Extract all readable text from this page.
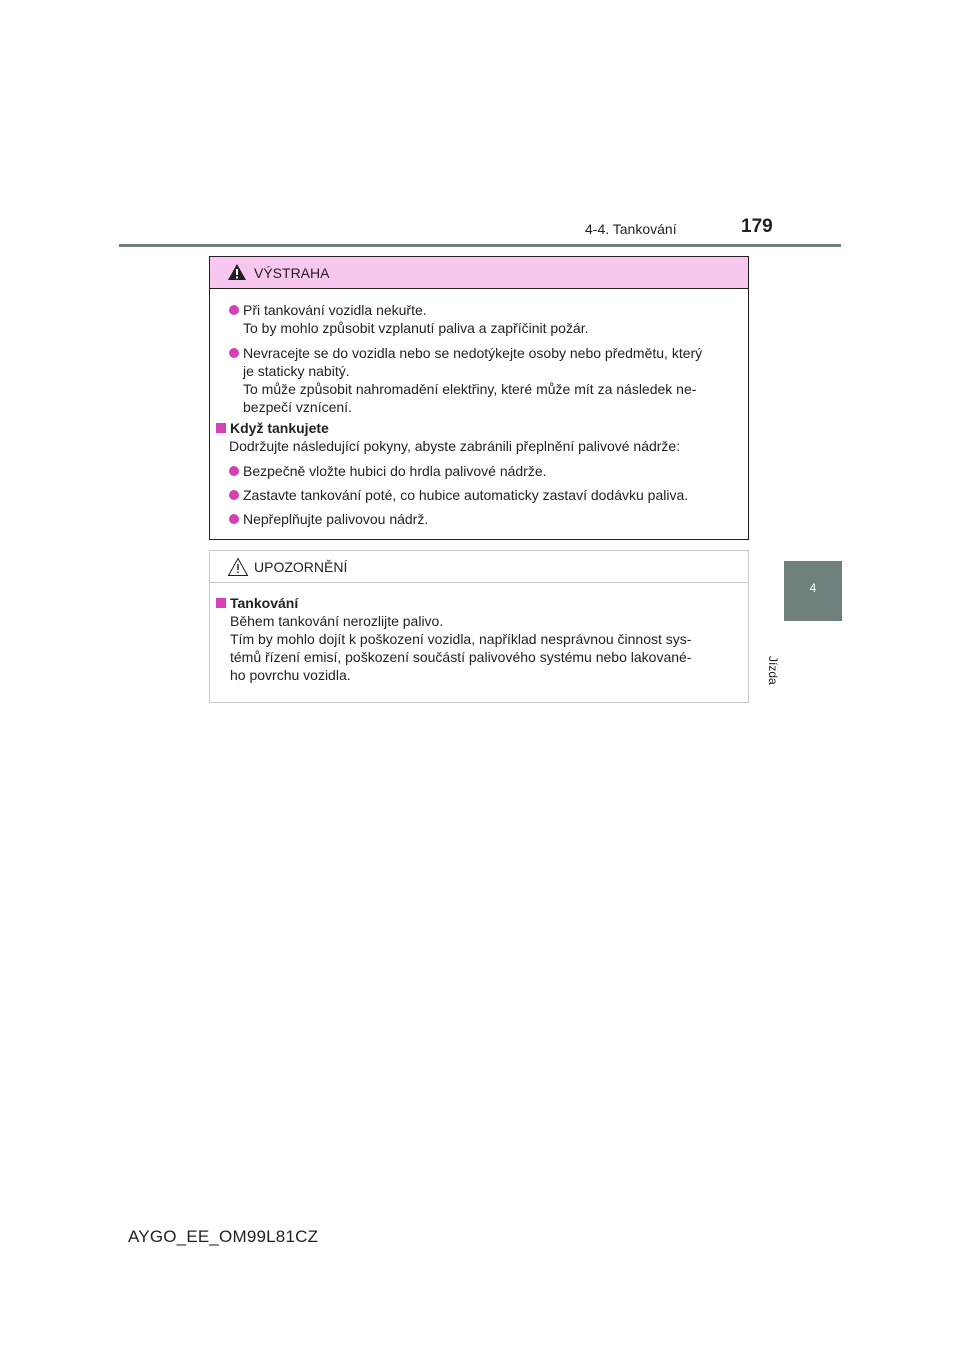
4-4. Tankování	179
4
Jízda
VÝSTRAHA
Při tankování vozidla nekuřte.
To by mohlo způsobit vzplanutí paliva a zapříčinit požár.
Nevracejte se do vozidla nebo se nedotýkejte osoby nebo předmětu, který
je staticky nabitý.
To může způsobit nahromadění elektřiny, které může mít za následek ne-
bezpečí vznícení.
Když tankujete
Dodržujte následující pokyny, abyste zabránili přeplnění palivové nádrže:
Bezpečně vložte hubici do hrdla palivové nádrže.
Zastavte tankování poté, co hubice automaticky zastaví dodávku paliva.
Nepřeplňujte palivovou nádrž.
UPOZORNĚNÍ
Tankování
Během tankování nerozlijte palivo.
Tím by mohlo dojít k poškození vozidla, například nesprávnou činnost sys-
témů řízení emisí, poškození součástí palivového systému nebo lakované-
ho povrchu vozidla.
AYGO_EE_OM99L81CZ
